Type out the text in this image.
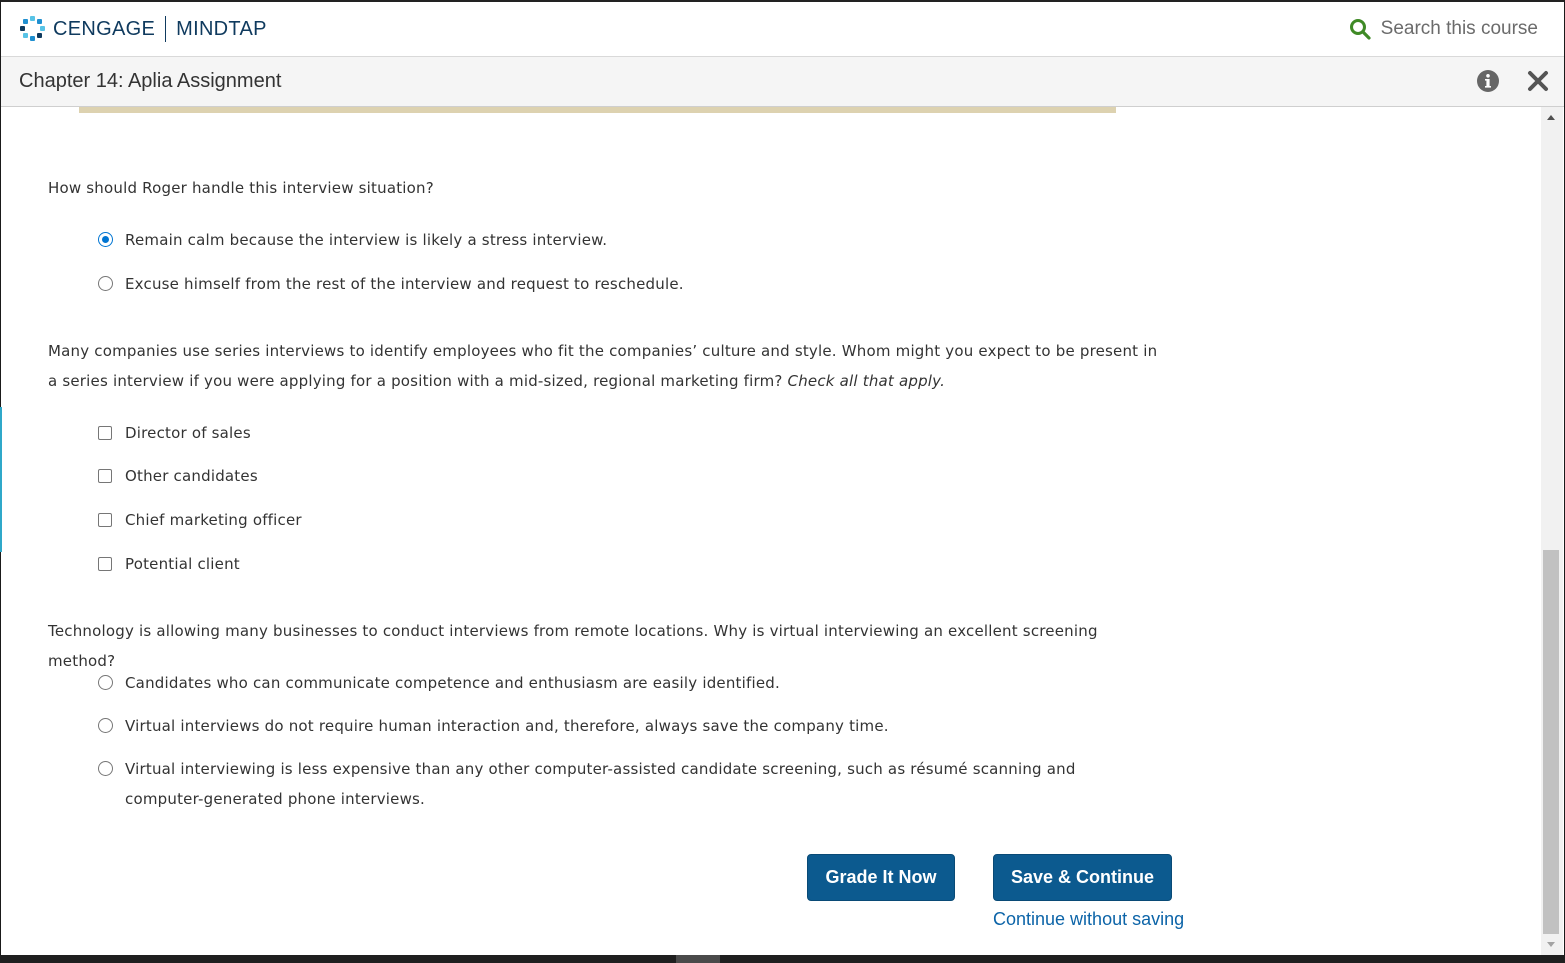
CENGAGE MINDTAP	Search this course
Chapter 14: Aplia Assignment
How should Roger handle this interview situation?
Remain calm because the interview is likely a stress interview.
Excuse himself from the rest of the interview and request to reschedule.
Many companies use series interviews to identify employees who fit the companies’ culture and style. Whom might you expect to be present in a series interview if you were applying for a position with a mid-sized, regional marketing firm? Check all that apply.
Director of sales
Other candidates
Chief marketing officer
Potential client
Technology is allowing many businesses to conduct interviews from remote locations. Why is virtual interviewing an excellent screening method?
Candidates who can communicate competence and enthusiasm are easily identified.
Virtual interviews do not require human interaction and, therefore, always save the company time.
Virtual interviewing is less expensive than any other computer-assisted candidate screening, such as résumé scanning and computer-generated phone interviews.
Grade It Now	Save & Continue
Continue without saving
